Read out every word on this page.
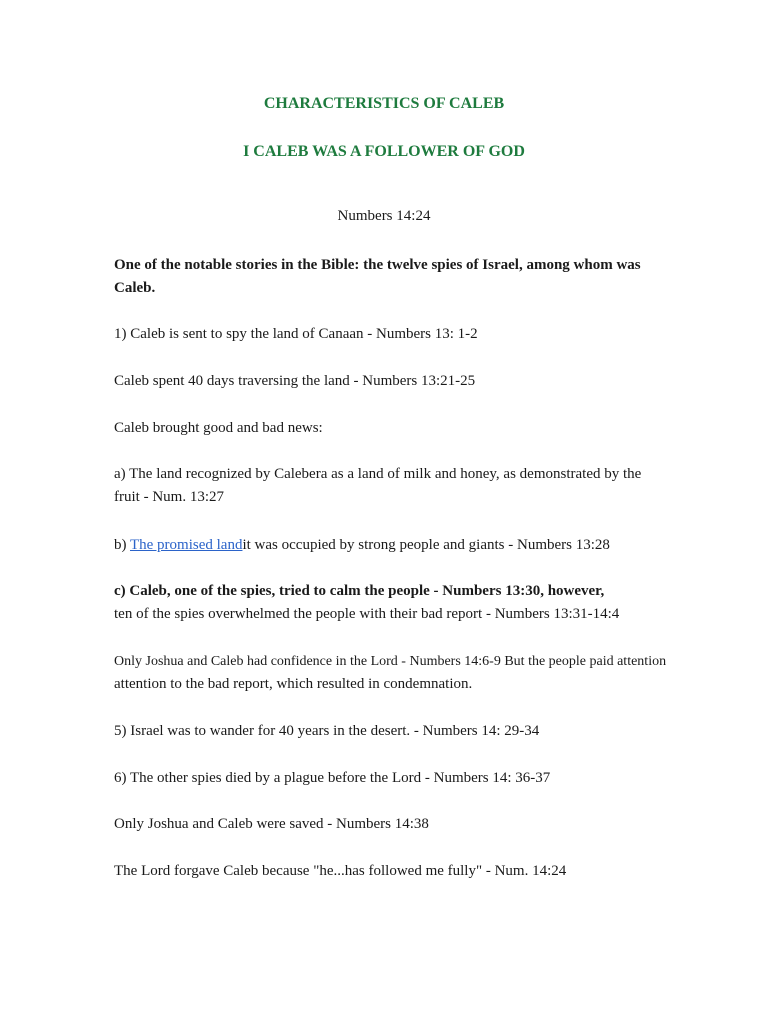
CHARACTERISTICS OF CALEB
I CALEB WAS A FOLLOWER OF GOD
Numbers 14:24

One of the notable stories in the Bible: the twelve spies of Israel, among whom was Caleb.

1) Caleb is sent to spy the land of Canaan - Numbers 13: 1-2

Caleb spent 40 days traversing the land - Numbers 13:21-25

Caleb brought good and bad news:

a) The land recognized by Calebera as a land of milk and honey, as demonstrated by the fruit - Num. 13:27

b) The promised landit was occupied by strong people and giants - Numbers 13:28

c) Caleb, one of the spies, tried to calm the people - Numbers 13:30, however,
ten of the spies overwhelmed the people with their bad report - Numbers 13:31-14:4

Only Joshua and Caleb had confidence in the Lord - Numbers 14:6-9 But the people paid attention
attention to the bad report, which resulted in condemnation.

5) Israel was to wander for 40 years in the desert. - Numbers 14: 29-34

6) The other spies died by a plague before the Lord - Numbers 14: 36-37

Only Joshua and Caleb were saved - Numbers 14:38

The Lord forgave Caleb because "he...has followed me fully" - Num. 14:24
